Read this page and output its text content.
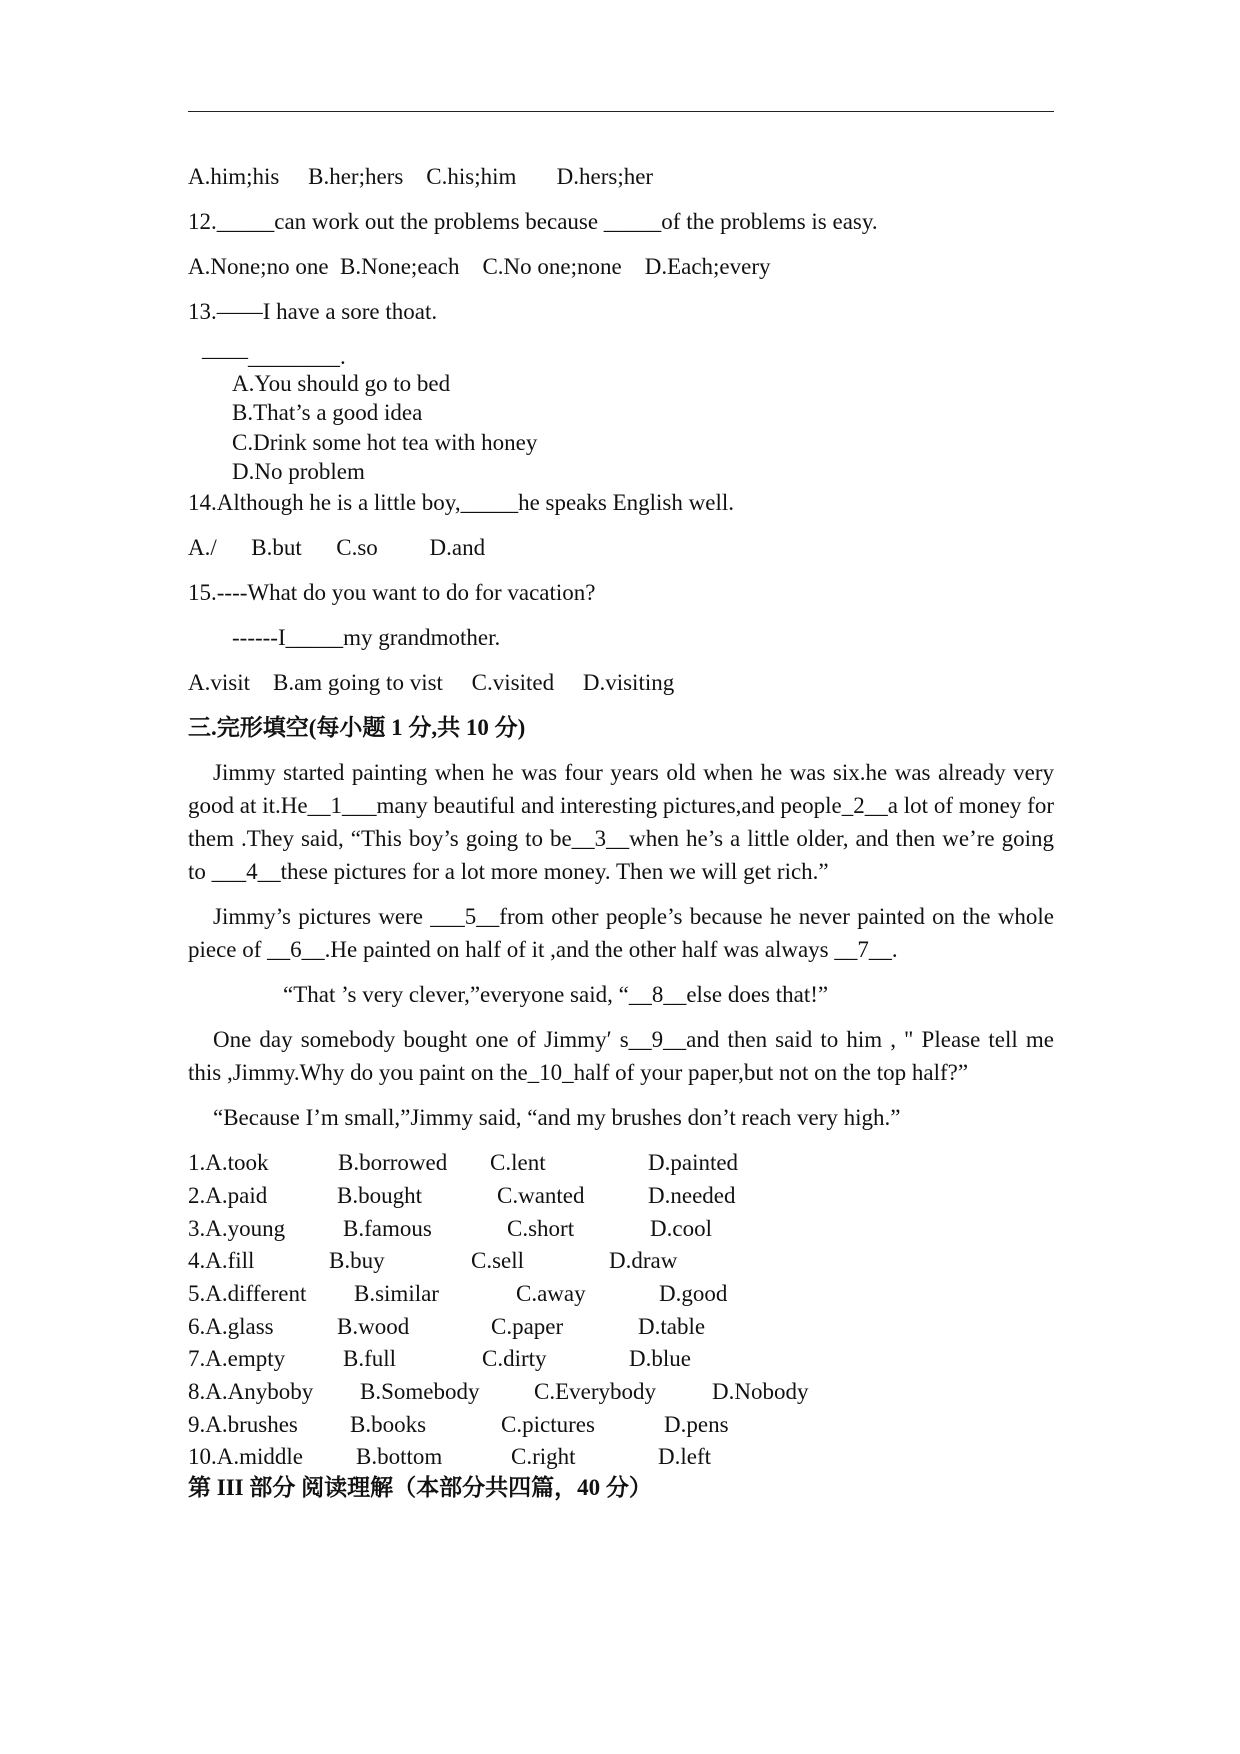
A.him;his     B.her;hers    C.his;him       D.hers;her
12._____can work out the problems because _____of the problems is easy.
A.None;no one  B.None;each    C.No one;none    D.Each;every
13.——I have a sore thoat.
——________.
A.You should go to bed
B.That’s a good idea
C.Drink some hot tea with honey
D.No problem
14.Although he is a little boy,_____he speaks English well.
A./      B.but      C.so         D.and
15.----What do you want to do for vacation?
------I_____my grandmother.
A.visit    B.am going to vist     C.visited     D.visiting
三.完形填空(每小题 1 分,共 10 分)
Jimmy started painting when he was four years old when he was six.he was already very good at it.He__1___many beautiful and interesting pictures,and people_2__a lot of money for them .They said, “This boy’s going to be__3__when he’s a little older, and then we’re going to ___4__these pictures for a lot more money. Then we will get rich.”
Jimmy’s pictures were ___5__from other people’s because he never painted on the whole piece of __6__.He painted on half of it ,and the other half was always __7__.
“That ’s very clever,”everyone said, “__8__else does that!”
One day somebody bought one of Jimmy′ s__9__and then said to him , " Please tell me this ,Jimmy.Why do you paint on the_10_half of your paper,but not on the top half?”
“Because I’m small,”Jimmy said, “and my brushes don’t reach very high.”
1.A.took	B.borrowed C.lent	D.painted
2.A.paid	B.bought	C.wanted	D.needed
3.A.young	B.famous	C.short	D.cool
4.A.fill	B.buy	C.sell	D.draw
5.A.different B.similar	C.away	D.good
6.A.glass	B.wood	C.paper	D.table
7.A.empty	B.full	C.dirty	D.blue
8.A.Anyboby B.Somebody C.Everybody D.Nobody
9.A.brushes B.books	C.pictures	D.pens
10.A.middle B.bottom	C.right	D.left
第 III 部分 阅读理解（本部分共四篇，40 分）
